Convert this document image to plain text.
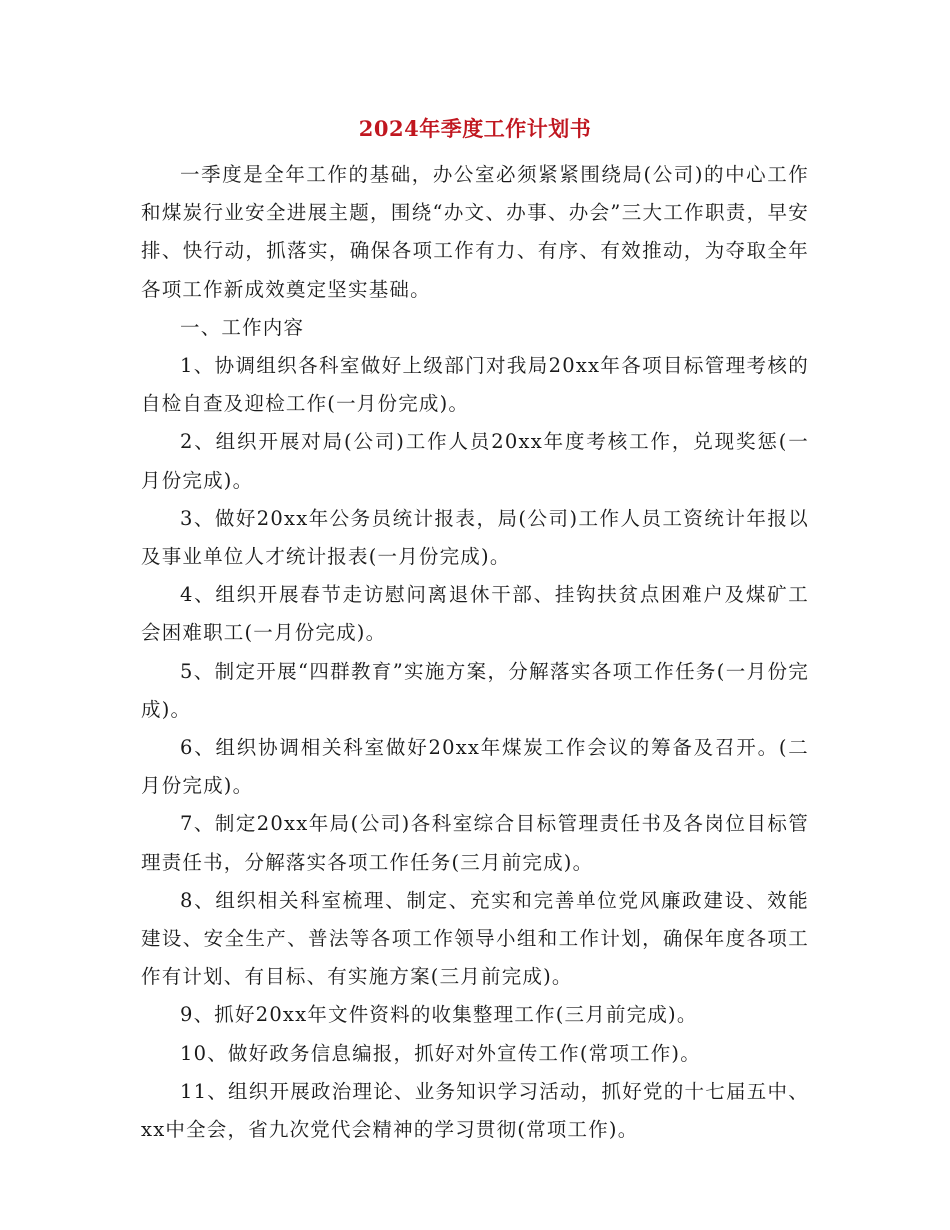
2024年季度工作计划书

一季度是全年工作的基础，办公室必须紧紧围绕局(公司)的中心工作和煤炭行业安全进展主题，围绕“办文、办事、办会”三大工作职责，早安排、快行动，抓落实，确保各项工作有力、有序、有效推动，为夺取全年各项工作新成效奠定坚实基础。

一、工作内容

1、协调组织各科室做好上级部门对我局20xx年各项目标管理考核的自检自查及迎检工作(一月份完成)。

2、组织开展对局(公司)工作人员20xx年度考核工作，兑现奖惩(一月份完成)。

3、做好20xx年公务员统计报表，局(公司)工作人员工资统计年报以及事业单位人才统计报表(一月份完成)。

4、组织开展春节走访慰问离退休干部、挂钩扶贫点困难户及煤矿工会困难职工(一月份完成)。

5、制定开展“四群教育”实施方案，分解落实各项工作任务(一月份完成)。

6、组织协调相关科室做好20xx年煤炭工作会议的筹备及召开。(二月份完成)。

7、制定20xx年局(公司)各科室综合目标管理责任书及各岗位目标管理责任书，分解落实各项工作任务(三月前完成)。

8、组织相关科室梳理、制定、充实和完善单位党风廉政建设、效能建设、安全生产、普法等各项工作领导小组和工作计划，确保年度各项工作有计划、有目标、有实施方案(三月前完成)。

9、抓好20xx年文件资料的收集整理工作(三月前完成)。

10、做好政务信息编报，抓好对外宣传工作(常项工作)。

11、组织开展政治理论、业务知识学习活动，抓好党的十七届五中、xx中全会，省九次党代会精神的学习贯彻(常项工作)。
